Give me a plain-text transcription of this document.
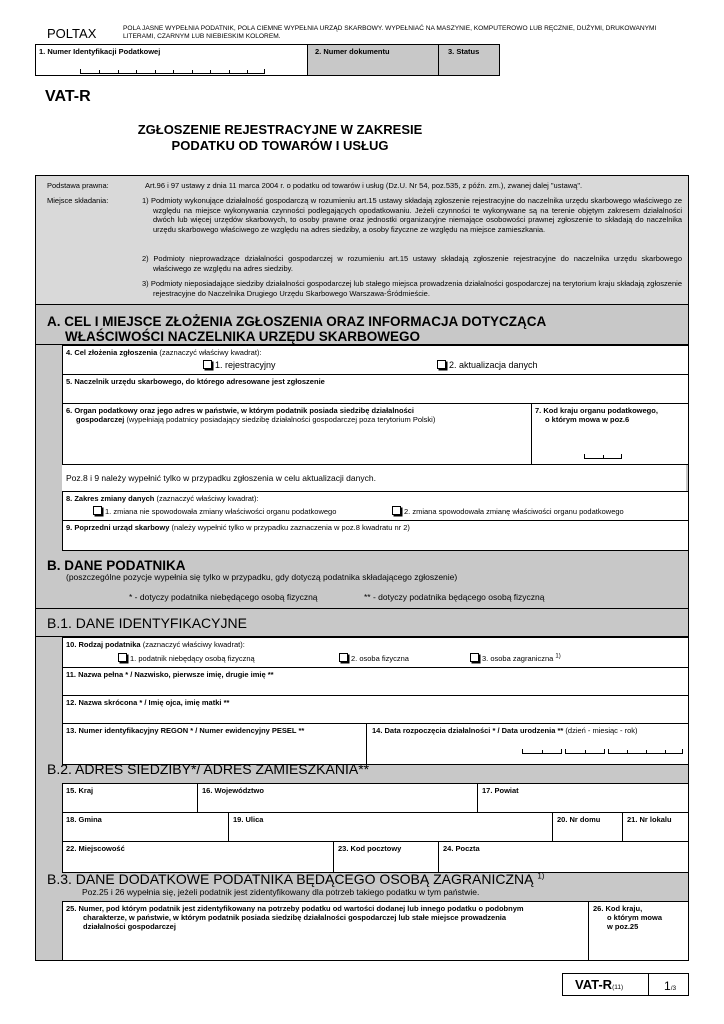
POLTAX	POLA JASNE WYPEŁNIA PODATNIK, POLA CIEMNE WYPEŁNIA URZĄD SKARBOWY. WYPEŁNIAĆ NA MASZYNIE, KOMPUTEROWO LUB RĘCZNIE, DUŻYMI, DRUKOWANYMI LITERAMI, CZARNYM LUB NIEBIESKIM KOLOREM.
1. Numer Identyfikacji Podatkowej	2. Numer dokumentu	3. Status
VAT-R
ZGŁOSZENIE REJESTRACYJNE W ZAKRESIE
PODATKU OD TOWARÓW I USŁUG
Podstawa prawna:	Art.96 i 97 ustawy z dnia 11 marca 2004 r. o podatku od towarów i usług (Dz.U. Nr 54, poz.535, z późn. zm.), zwanej dalej "ustawą".
Miejsce składania:	1) Podmioty wykonujące działalność gospodarczą w rozumieniu art.15 ustawy składają zgłoszenie rejestracyjne do naczelnika urzędu skarbowego właściwego ze względu na miejsce wykonywania czynności podlegających opodatkowaniu. Jeżeli czynności te wykonywane są na terenie objętym zakresem działalności dwóch lub więcej urzędów skarbowych, to osoby prawne oraz jednostki organizacyjne niemające osobowości prawnej zgłoszenie to składają do naczelnika urzędu skarbowego właściwego ze względu na adres siedziby, a osoby fizyczne ze względu na miejsce zamieszkania.
2) Podmioty nieprowadzące działalności gospodarczej w rozumieniu art.15 ustawy składają zgłoszenie rejestracyjne do naczelnika urzędu skarbowego właściwego ze względu na adres siedziby.
3) Podmioty nieposiadające siedziby działalności gospodarczej lub stałego miejsca prowadzenia działalności gospodarczej na terytorium kraju składają zgłoszenie rejestracyjne do Naczelnika Drugiego Urzędu Skarbowego Warszawa-Śródmieście.
A. CEL I MIEJSCE ZŁOŻENIA ZGŁOSZENIA ORAZ INFORMACJA DOTYCZĄCA
WŁAŚCIWOŚCI NACZELNIKA URZĘDU SKARBOWEGO
4. Cel złożenia zgłoszenia (zaznaczyć właściwy kwadrat):
1. rejestracyjny	2. aktualizacja danych
5. Naczelnik urzędu skarbowego, do którego adresowane jest zgłoszenie
6. Organ podatkowy oraz jego adres w państwie, w którym podatnik posiada siedzibę działalności
gospodarczej (wypełniają podatnicy posiadający siedzibę działalności gospodarczej poza terytorium Polski)
7. Kod kraju organu podatkowego,
o którym mowa w poz.6
Poz.8 i 9 należy wypełnić tylko w przypadku zgłoszenia w celu aktualizacji danych.
8. Zakres zmiany danych (zaznaczyć właściwy kwadrat):
1. zmiana nie spowodowała zmiany właściwości organu podatkowego	2. zmiana spowodowała zmianę właściwości organu podatkowego
9. Poprzedni urząd skarbowy (należy wypełnić tylko w przypadku zaznaczenia w poz.8 kwadratu nr 2)
B. DANE PODATNIKA
(poszczególne pozycje wypełnia się tylko w przypadku, gdy dotyczą podatnika składającego zgłoszenie)
* - dotyczy podatnika niebędącego osobą fizyczną	** - dotyczy podatnika będącego osobą fizyczną
B.1. DANE IDENTYFIKACYJNE
10. Rodzaj podatnika (zaznaczyć właściwy kwadrat):
1. podatnik niebędący osobą fizyczną	2. osoba fizyczna	3. osoba zagraniczna $^{1)}$
11. Nazwa pełna * / Nazwisko, pierwsze imię, drugie imię **
12. Nazwa skrócona * / Imię ojca, imię matki **
13. Numer identyfikacyjny REGON * / Numer ewidencyjny PESEL **	14. Data rozpoczęcia działalności * / Data urodzenia ** (dzień - miesiąc - rok)
B.2. ADRES SIEDZIBY*/ ADRES ZAMIESZKANIA**
15. Kraj	16. Województwo	17. Powiat
18. Gmina	19. Ulica	20. Nr domu	21. Nr lokalu
22. Miejscowość	23. Kod pocztowy	24. Poczta
B.3. DANE DODATKOWE PODATNIKA BĘDĄCEGO OSOBĄ ZAGRANICZNĄ $^{1)}$
Poz.25 i 26 wypełnia się, jeżeli podatnik jest zidentyfikowany dla potrzeb takiego podatku w tym państwie.
25. Numer, pod którym podatnik jest zidentyfikowany na potrzeby podatku od wartości dodanej lub innego podatku o podobnym
charakterze, w państwie, w którym podatnik posiada siedzibę działalności gospodarczej lub stałe miejsce prowadzenia
działalności gospodarczej
26. Kod kraju,
o którym mowa
w poz.25
VAT-R(11)	1/3
